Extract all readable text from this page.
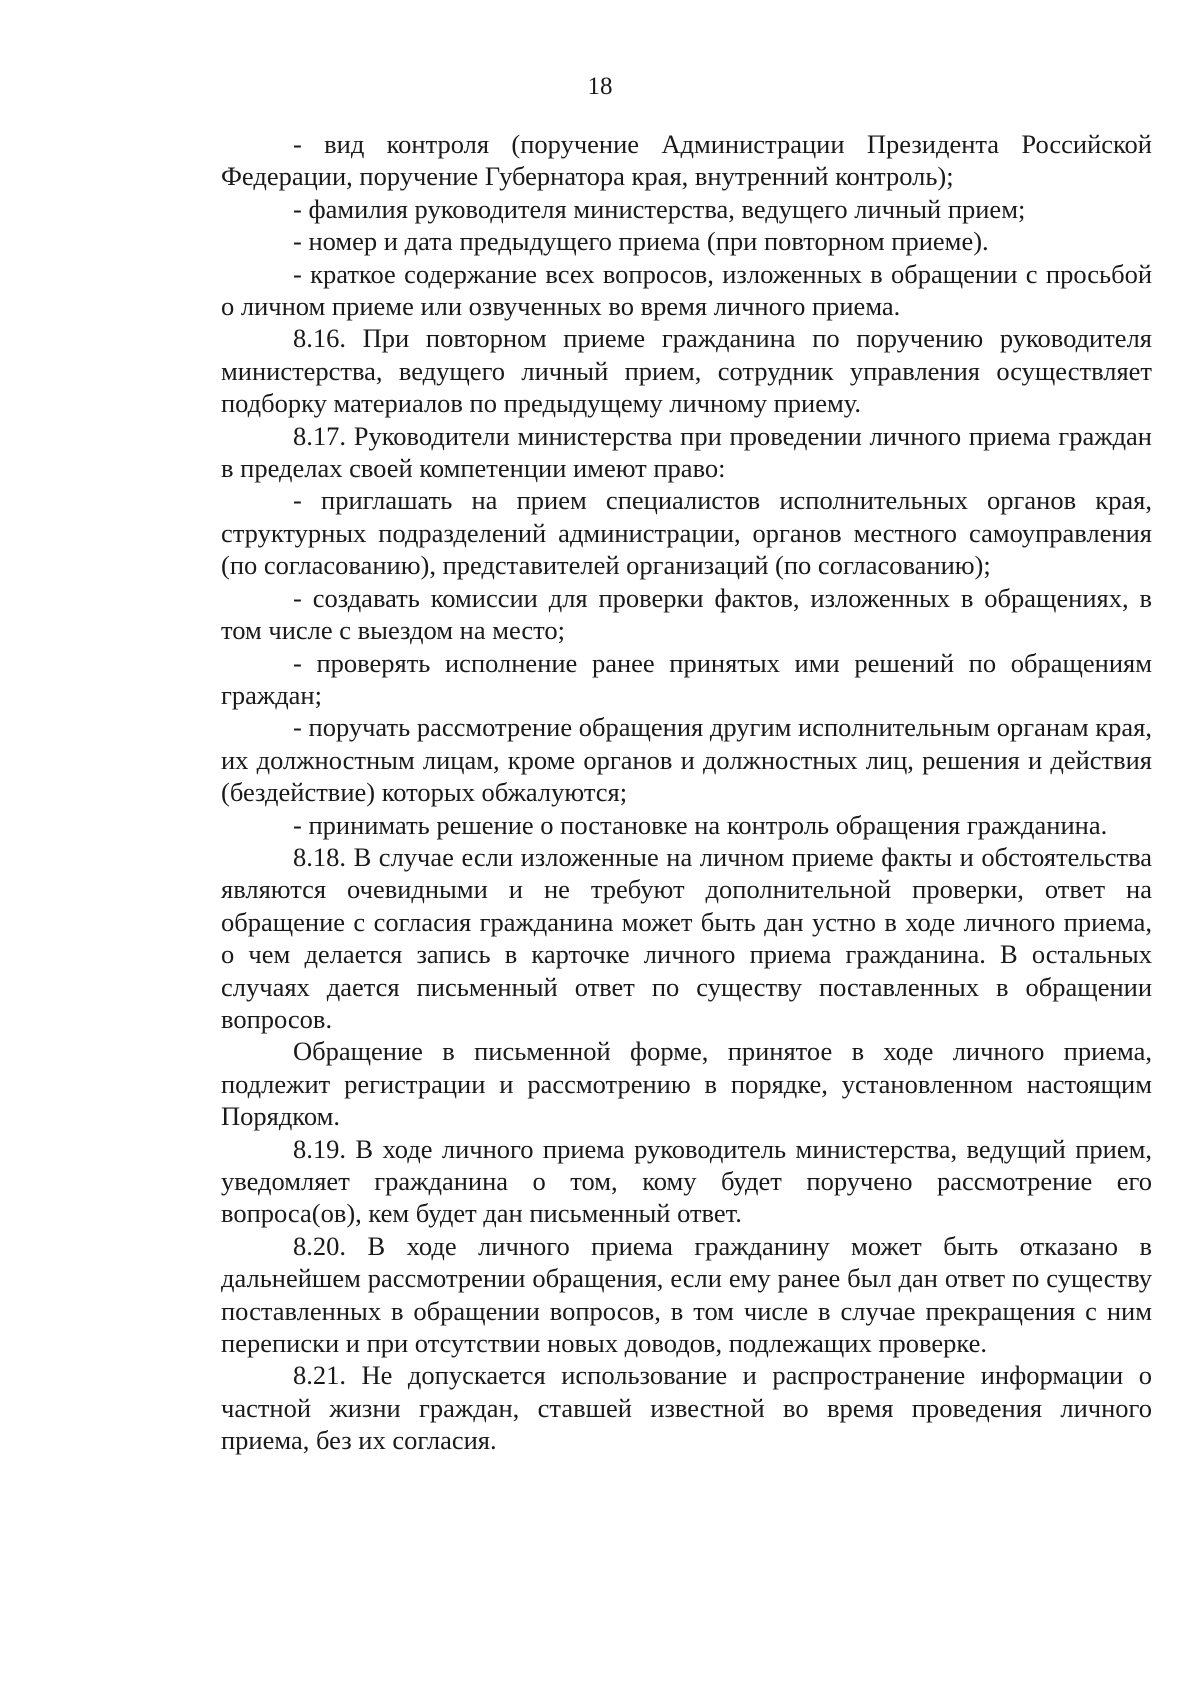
18

- вид контроля (поручение Администрации Президента Российской Федерации, поручение Губернатора края, внутренний контроль);

- фамилия руководителя министерства, ведущего личный прием;

- номер и дата предыдущего приема (при повторном приеме).

- краткое содержание всех вопросов, изложенных в обращении с просьбой о личном приеме или озвученных во время личного приема.

8.16. При повторном приеме гражданина по поручению руководителя министерства, ведущего личный прием, сотрудник управления осуществляет подборку материалов по предыдущему личному приему.

8.17. Руководители министерства при проведении личного приема граждан в пределах своей компетенции имеют право:

- приглашать на прием специалистов исполнительных органов края, структурных подразделений администрации, органов местного самоуправления (по согласованию), представителей организаций (по согласованию);

- создавать комиссии для проверки фактов, изложенных в обращениях, в том числе с выездом на место;

- проверять исполнение ранее принятых ими решений по обращениям граждан;

- поручать рассмотрение обращения другим исполнительным органам края, их должностным лицам, кроме органов и должностных лиц, решения и действия (бездействие) которых обжалуются;

- принимать решение о постановке на контроль обращения гражданина.

8.18. В случае если изложенные на личном приеме факты и обстоятельства являются очевидными и не требуют дополнительной проверки, ответ на обращение с согласия гражданина может быть дан устно в ходе личного приема, о чем делается запись в карточке личного приема гражданина. В остальных случаях дается письменный ответ по существу поставленных в обращении вопросов.

Обращение в письменной форме, принятое в ходе личного приема, подлежит регистрации и рассмотрению в порядке, установленном настоящим Порядком.

8.19. В ходе личного приема руководитель министерства, ведущий прием, уведомляет гражданина о том, кому будет поручено рассмотрение его вопроса(ов), кем будет дан письменный ответ.

8.20. В ходе личного приема гражданину может быть отказано в дальнейшем рассмотрении обращения, если ему ранее был дан ответ по существу поставленных в обращении вопросов, в том числе в случае прекращения с ним переписки и при отсутствии новых доводов, подлежащих проверке.

8.21. Не допускается использование и распространение информации о частной жизни граждан, ставшей известной во время проведения личного приема, без их согласия.
